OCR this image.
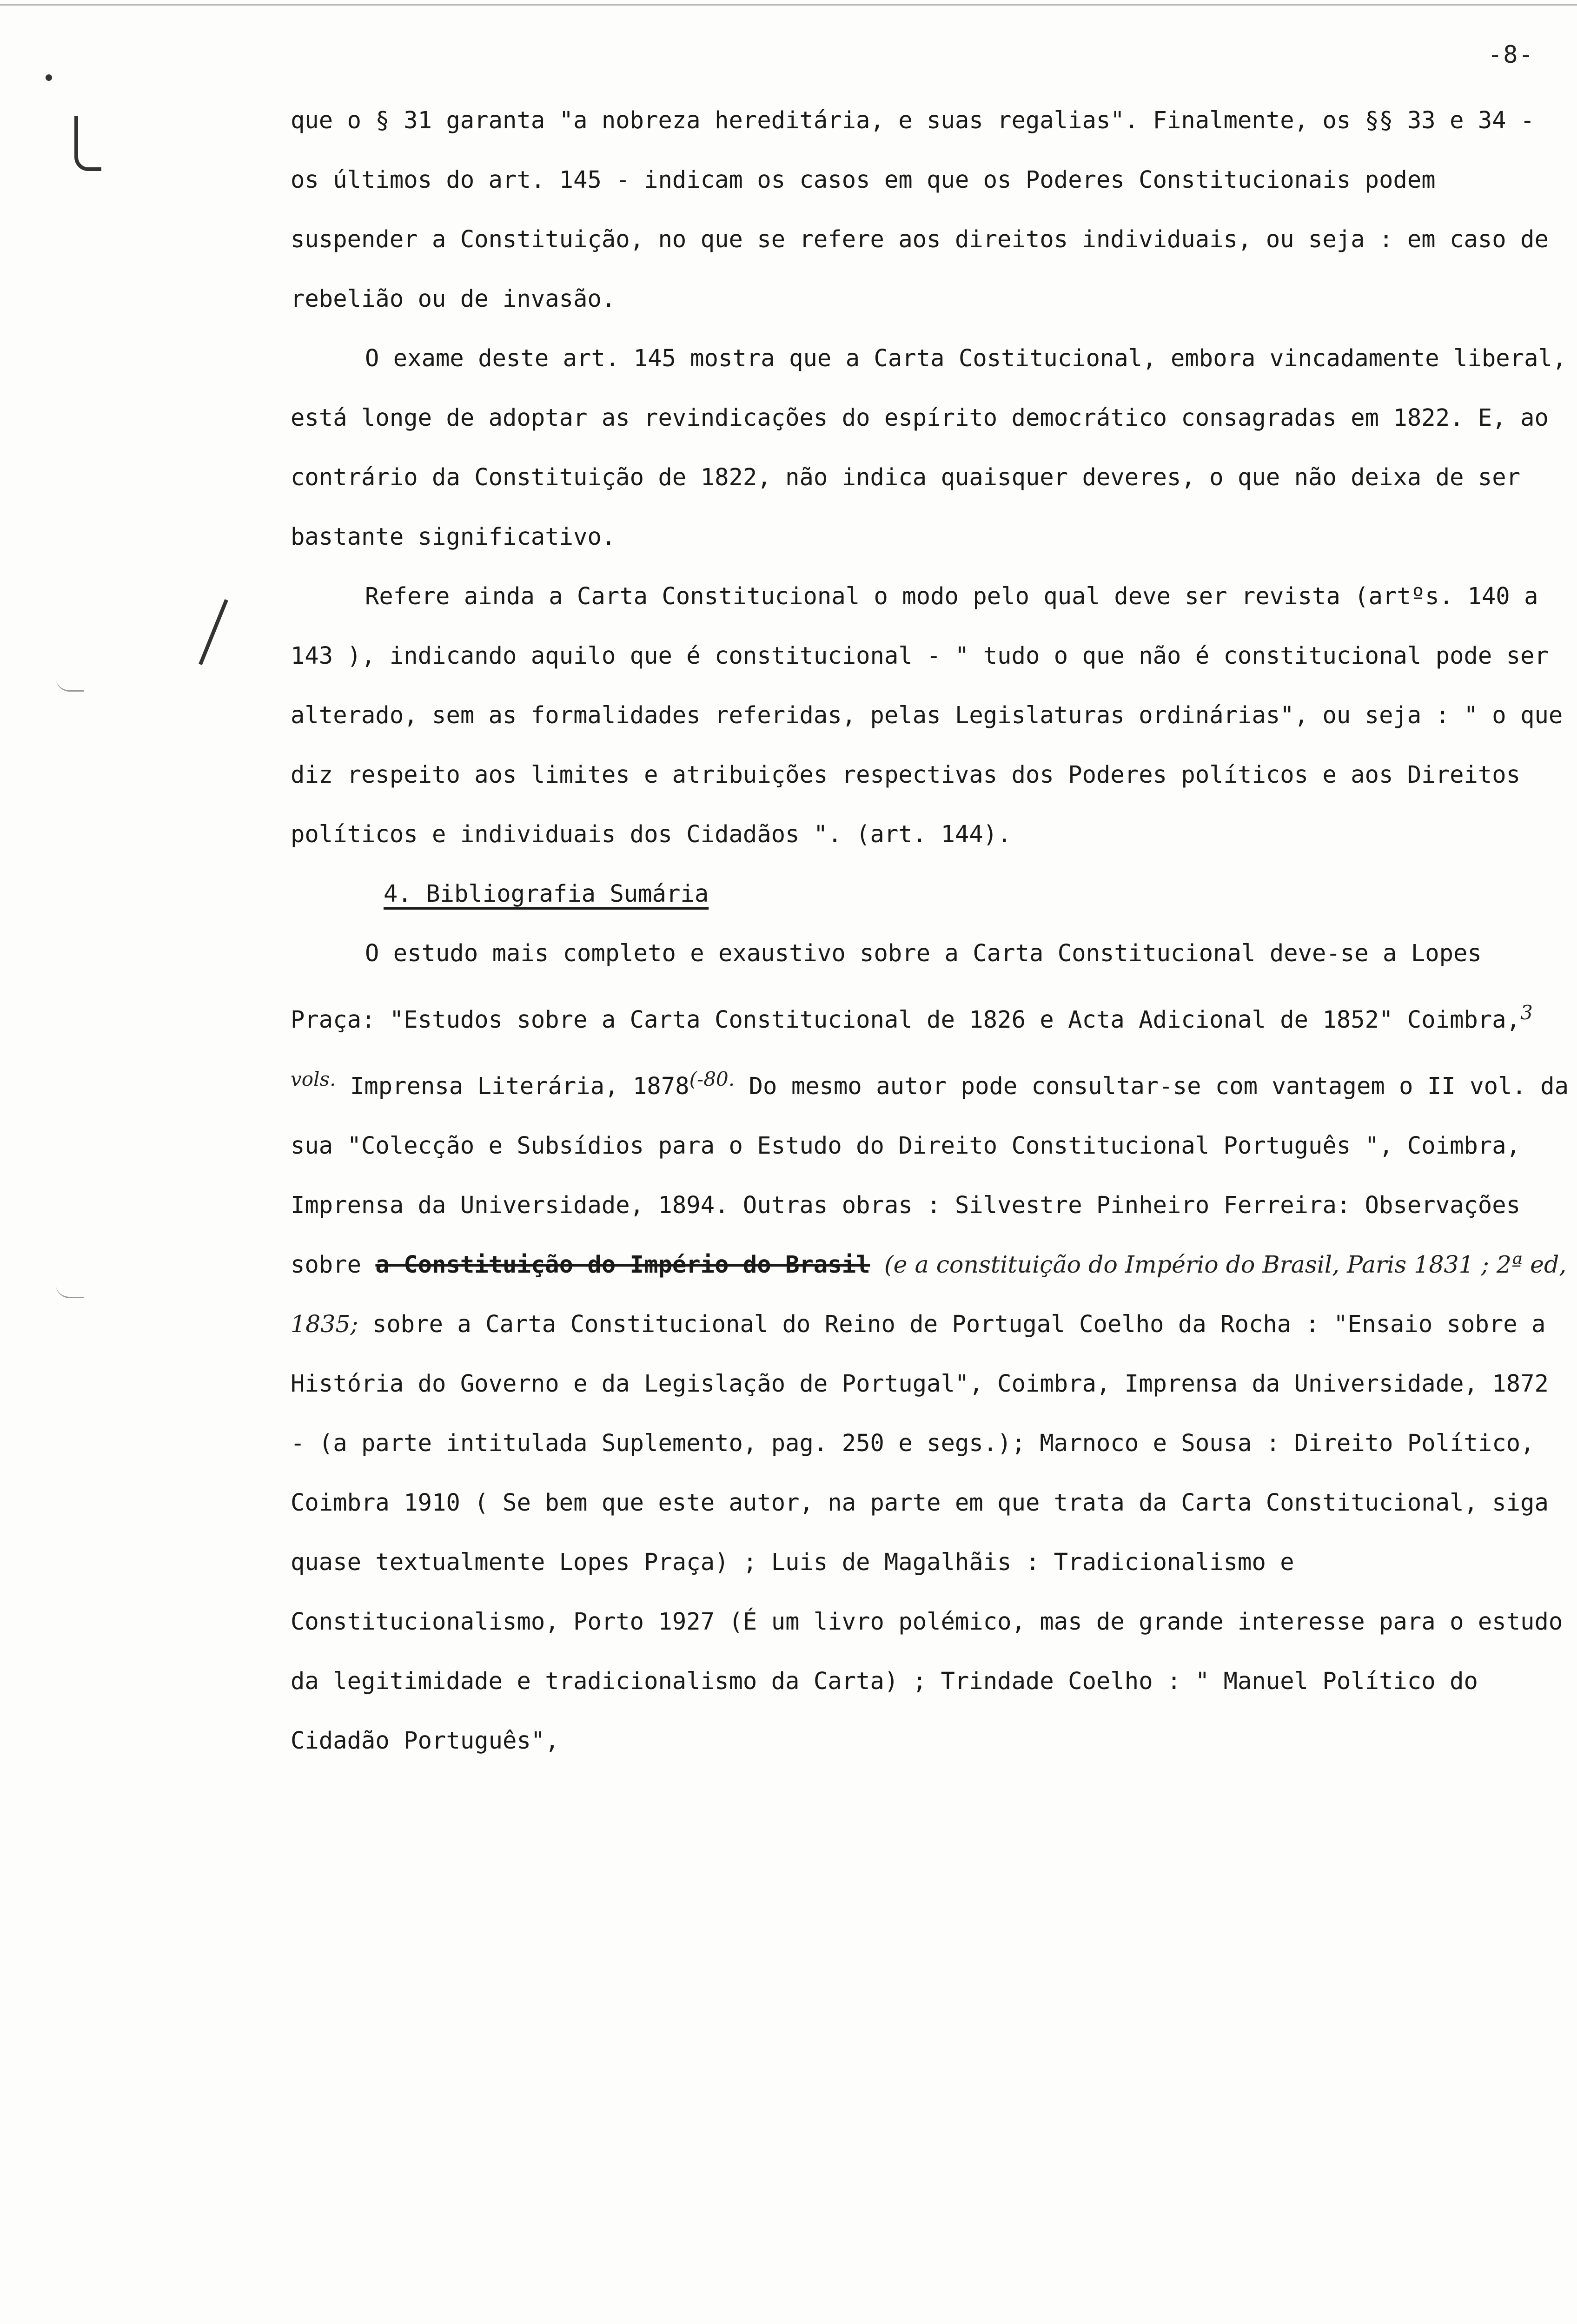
-8-

que o § 31 garanta "a nobreza hereditária, e suas regalias". Finalmente, os §§ 33 e 34 - os últimos do art. 145 - indicam os casos em que os Poderes Constitucionais podem suspender a Constituição, no que se refere aos direitos individuais, ou seja : em caso de rebelião ou de invasão.

O exame deste art. 145 mostra que a Carta Costitucional, embora vincadamente liberal, está longe de adoptar as revindicações do espírito democrático consagradas em 1822. E, ao contrário da Constituição de 1822, não indica quaisquer deveres, o que não deixa de ser bastante significativo.

Refere ainda a Carta Constitucional o modo pelo qual deve ser revista (artºs. 140 a 143 ), indicando aquilo que é constitucional - " tudo o que não é constitucional pode ser alterado, sem as formalidades referidas, pelas Legislaturas ordinárias", ou seja : " o que diz respeito aos limites e atribuições respectivas dos Poderes políticos e aos Direitos políticos e individuais dos Cidadãos ". (art. 144).

4. Bibliografia Sumária

O estudo mais completo e exaustivo sobre a Carta Constitucional deve-se a Lopes Praça: "Estudos sobre a Carta Constitucional de 1826 e Acta Adicional de 1852" Coimbra,$^{3 vols.}$ Imprensa Literária, $1878^{(-80.}$ Do mesmo autor pode consultar-se com vantagem o II vol. da sua "Colecção e Subsídios para o Estudo do Direito Constitucional Português ", Coimbra, Imprensa da Universidade, 1894. Outras obras : Silvestre Pinheiro Ferreira: Observações sobre a Constituição do Império do Brasil (e a constituição do Império do Brasil, Paris 1831 ; 2ª ed, 1835; sobre a Carta Constitucional do Reino de Portugal Coelho da Rocha : "Ensaio sobre a História do Governo e da Legislação de Portugal", Coimbra, Imprensa da Universidade, 1872 - (a parte intitulada Suplemento, pag. 250 e segs.); Marnoco e Sousa : Direito Político, Coimbra 1910 ( Se bem que este autor, na parte em que trata da Carta Constitucional, siga quase textualmente Lopes Praça) ; Luis de Magalhãis : Tradicionalismo e Constitucionalismo, Porto 1927 (É um livro polémico, mas de grande interesse para o estudo da legitimidade e tradicionalismo da Carta) ; Trindade Coelho : " Manuel Político do Cidadão Português",
